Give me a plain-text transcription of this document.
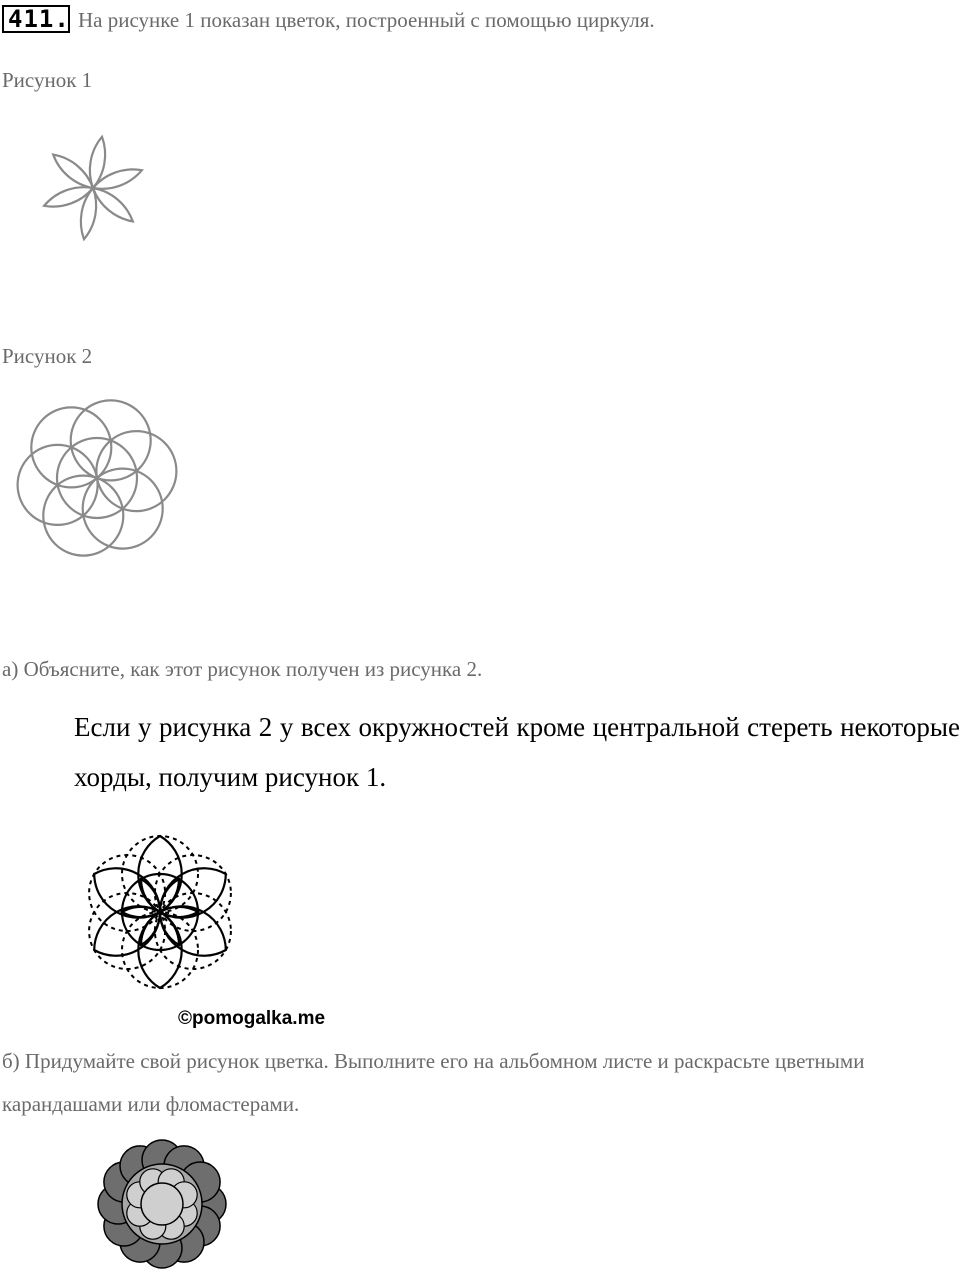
411. На рисунке 1 показан цветок, построенный с помощью циркуля.
Рисунок 1
Рисунок 2
а) Объясните, как этот рисунок получен из рисунка 2.
Если у рисунка 2 у всех окружностей кроме центральной стереть некоторые хорды, получим рисунок 1.
©pomogalka.me
б) Придумайте свой рисунок цветка. Выполните его на альбомном листе и раскрасьте цветными карандашами или фломастерами.
